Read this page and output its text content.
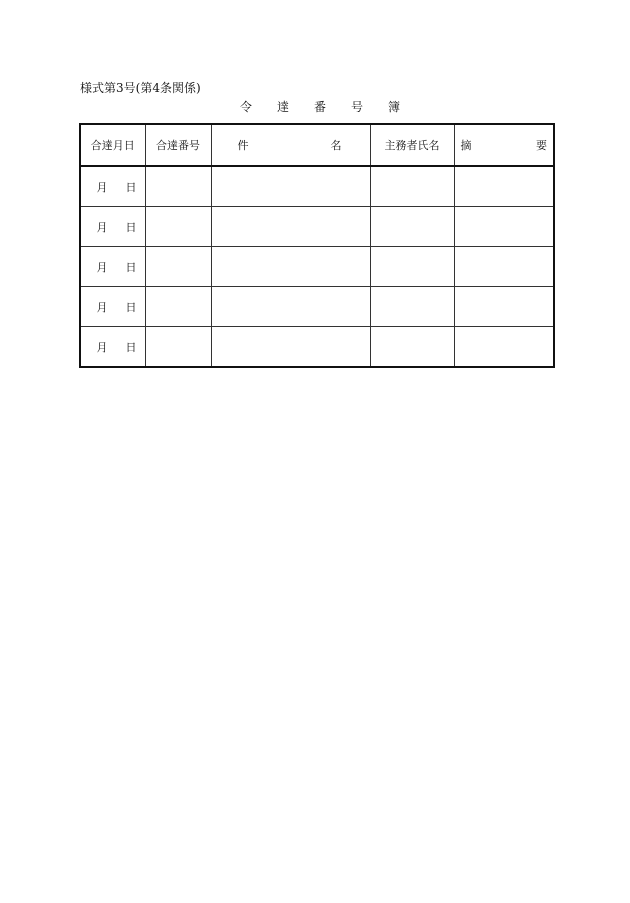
様式第3号(第4条関係)
令 達 番 号 簿
合達月日	合達番号	件 名	主務者氏名	摘 要

月 日				

月 日				

月 日				

月 日				

月 日				
